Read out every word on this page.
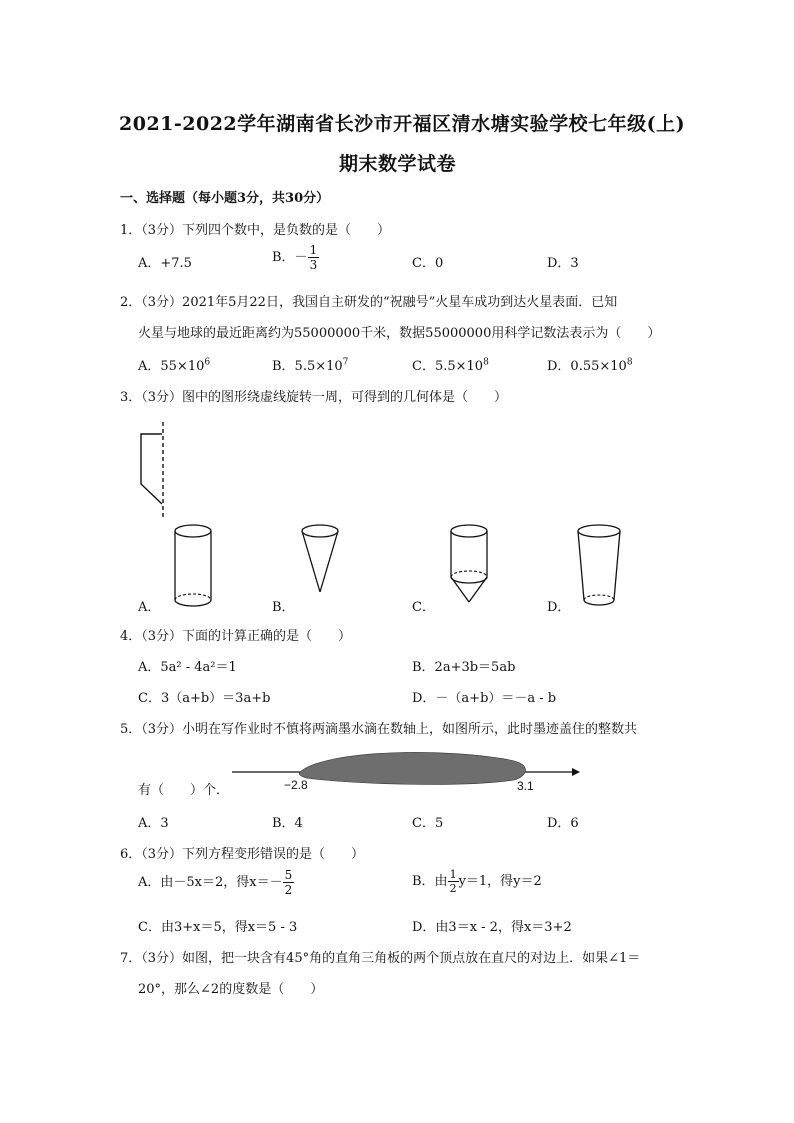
2021-2022学年湖南省长沙市开福区清水塘实验学校七年级(上)
期末数学试卷
一、选择题（每小题3分，共30分）
1．（3分）下列四个数中，是负数的是（　　）
A．+7.5	B．－ $\frac{1}{3}$	C．0	D．3
2．（3分）2021年5月22日，我国自主研发的“祝融号”火星车成功到达火星表面．已知
火星与地球的最近距离约为55000000千米，数据55000000用科学记数法表示为（　　）
A．$55\times 10^6$	B．$5.5\times 10^7$	C．$5.5\times 10^8$	D．$0.55\times 10^8$
3．（3分）图中的图形绕虚线旋转一周，可得到的几何体是（　　）
A．	B．	C．	D．
4．（3分）下面的计算正确的是（　　）
A．5a² - 4a²＝1	B．2a+3b＝5ab
C．3（a+b）＝3a+b	D．－（a+b）＝－a - b
5．（3分）小明在写作业时不慎将两滴墨水滴在数轴上，如图所示，此时墨迹盖住的整数共
有（　　）个．	−2.8	3.1
A．3	B．4	C．5	D．6
6．（3分）下列方程变形错误的是（　　）
A．由－5x＝2，得$x=- \frac{5}{2}$	B．由 $\frac{1}{2} y=1$，得y＝2
C．由3+x＝5，得x＝5 - 3	D．由3＝x - 2，得x＝3+2
7．（3分）如图，把一块含有45°角的直角三角板的两个顶点放在直尺的对边上．如果∠1＝
20°，那么∠2的度数是（　　）
